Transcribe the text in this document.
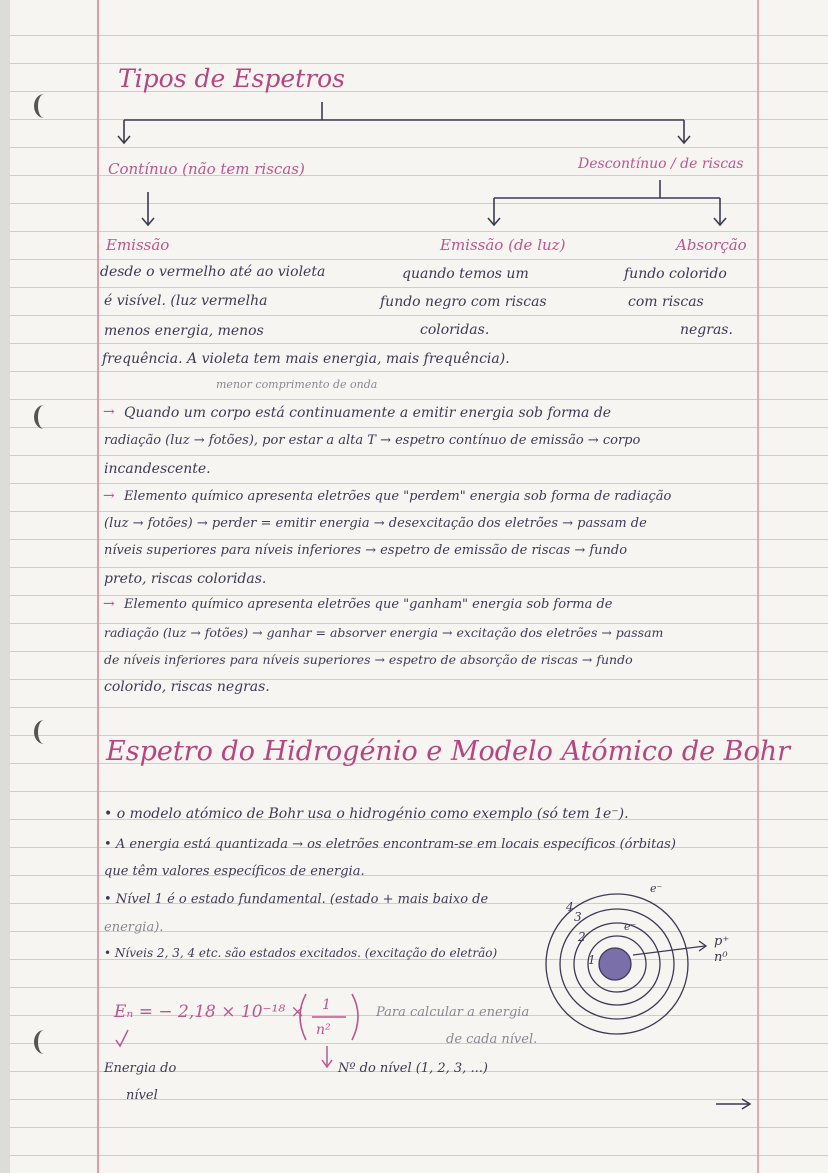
Tipos de Espetros
Contínuo (não tem riscas)	Descontínuo / de riscas
Emissão
desde o vermelho até ao violeta
é visível. (luz vermelha
menos energia, menos
frequência. A violeta tem mais energia, mais frequência).
menor comprimento de onda
Emissão (de luz)
quando temos um
fundo negro com riscas
coloridas.
Absorção
fundo colorido
com riscas
negras.
→ Quando um corpo está continuamente a emitir energia sob forma de
radiação (luz → fotões), por estar a alta T → espetro contínuo de emissão → corpo
incandescente.
→ Elemento químico apresenta eletrões que "perdem" energia sob forma de radiação
(luz → fotões) → perder = emitir energia → desexcitação dos eletrões → passam de
níveis superiores para níveis inferiores → espetro de emissão de riscas → fundo
preto, riscas coloridas.
→ Elemento químico apresenta eletrões que "ganham" energia sob forma de
radiação (luz → fotões) → ganhar = absorver energia → excitação dos eletrões → passam
de níveis inferiores para níveis superiores → espetro de absorção de riscas → fundo
colorido, riscas negras.
Espetro do Hidrogénio e Modelo Atómico de Bohr
• o modelo atómico de Bohr usa o hidrogénio como exemplo (só tem 1e⁻).
• A energia está quantizada → os eletrões encontram-se em locais específicos (órbitas)
que têm valores específicos de energia.
• Nível 1 é o estado fundamental. (estado + mais baixo de
energia).
• Níveis 2, 3, 4 etc. são estados excitados. (excitação do eletrão)	1
2
3
4
e⁻
e⁻
p⁺
n⁰
Eₙ = − 2,18 × 10⁻¹⁸ × 1
n²
Para calcular a energia
de cada nível.
Energia do
nível
Nº do nível (1, 2, 3, ...)
